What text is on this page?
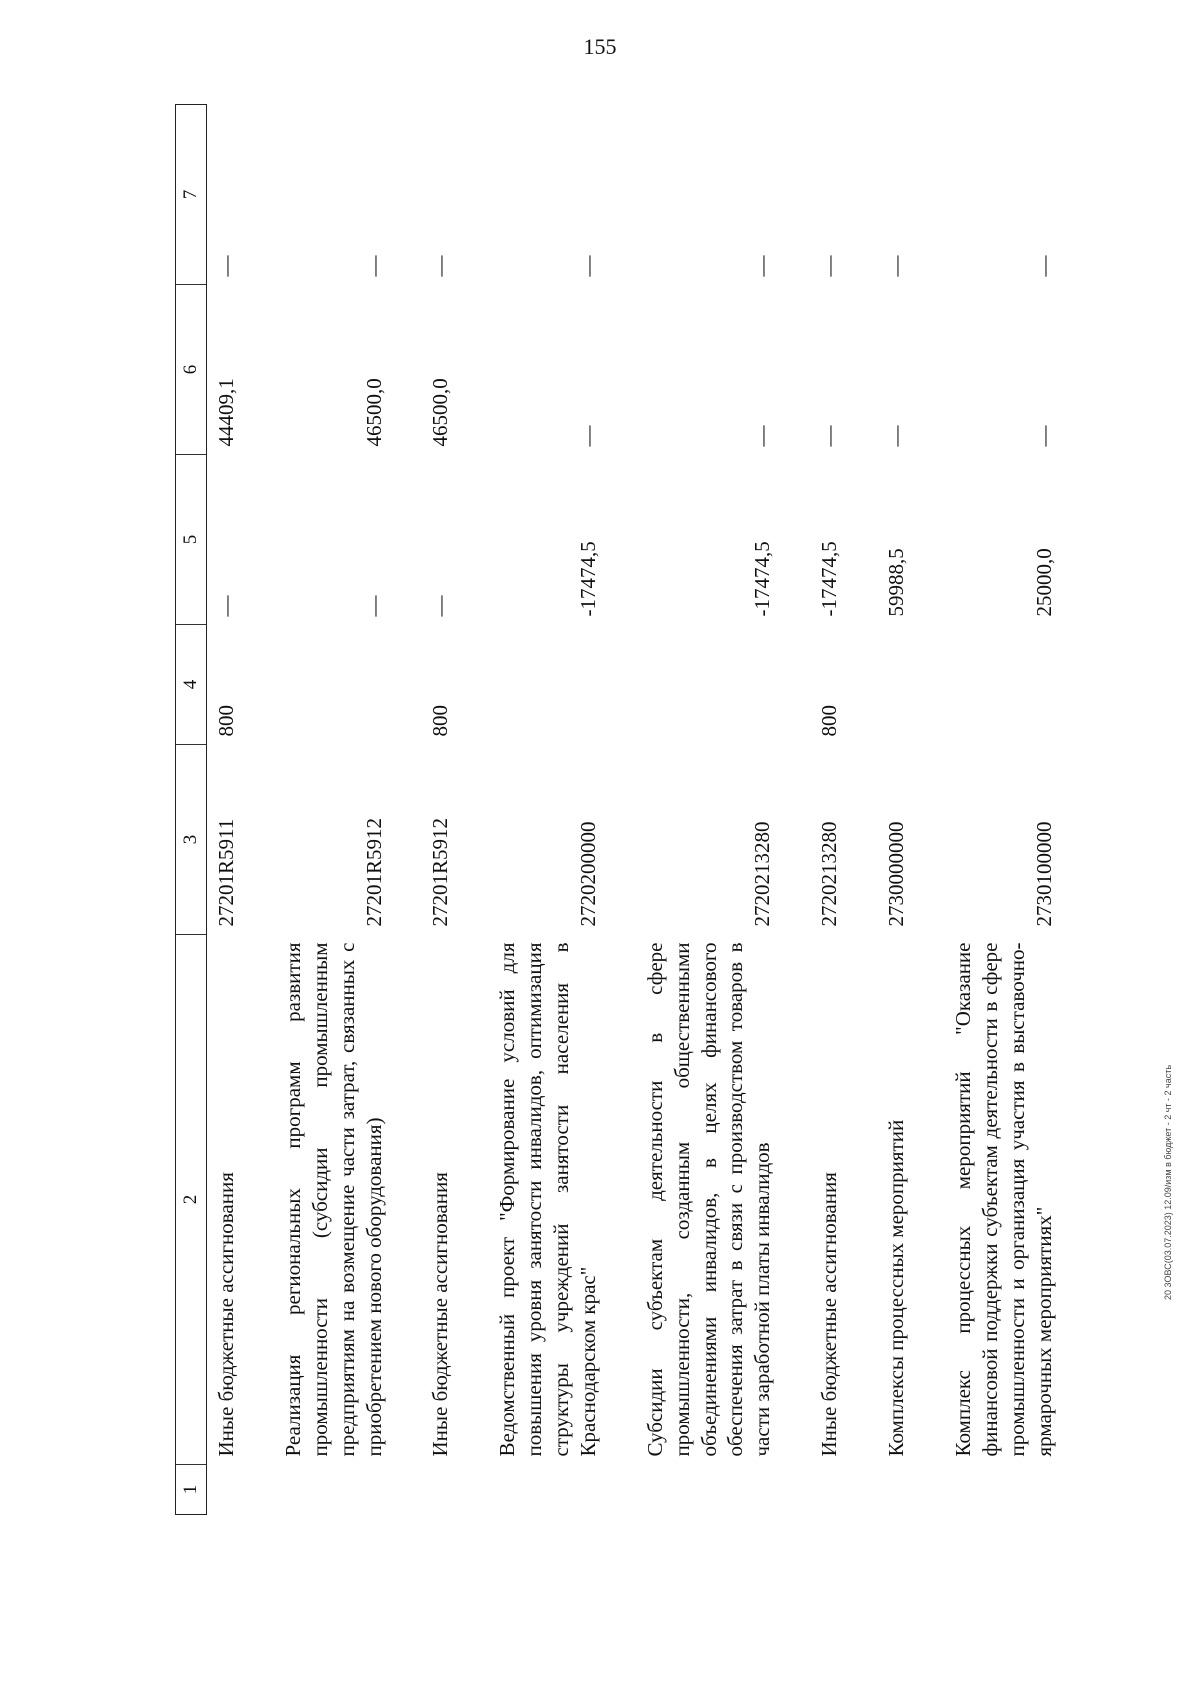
155
1	2	3	4	5	6	7
	Иные бюджетные ассигнования	27201R5911	800	—	44409,1	—

	Реализация региональных программ развития промышленности (субсидии промышленным предприятиям на возмещение части затрат, связанных с приобретением нового оборудования)	27201R5912		—	46500,0	—

	Иные бюджетные ассигнования	27201R5912	800	—	46500,0	—

	Ведомственный проект "Формирование условий для повышения уровня занятости инвалидов, оптимизация структуры учреждений занятости населения в Краснодарском крас"	2720200000		-17474,5	—	—

	Субсидии субъектам деятельности в сфере промышленности, созданным общественными объединениями инвалидов, в целях финансового обеспечения затрат в связи с производством товаров в части заработной платы инвалидов	2720213280		-17474,5	—	—

	Иные бюджетные ассигнования	2720213280	800	-17474,5	—	—

	Комплексы процессных мероприятий	2730000000		59988,5	—	—

	Комплекс процессных мероприятий "Оказание финансовой поддержки субъектам деятельности в сфере промышленности и организация участия в выставочно-ярмарочных мероприятиях"	2730100000		25000,0	—	—
20 3ОВС(03.07.2023) 12.09/изм в бюджет - 2 чт - 2 часть
